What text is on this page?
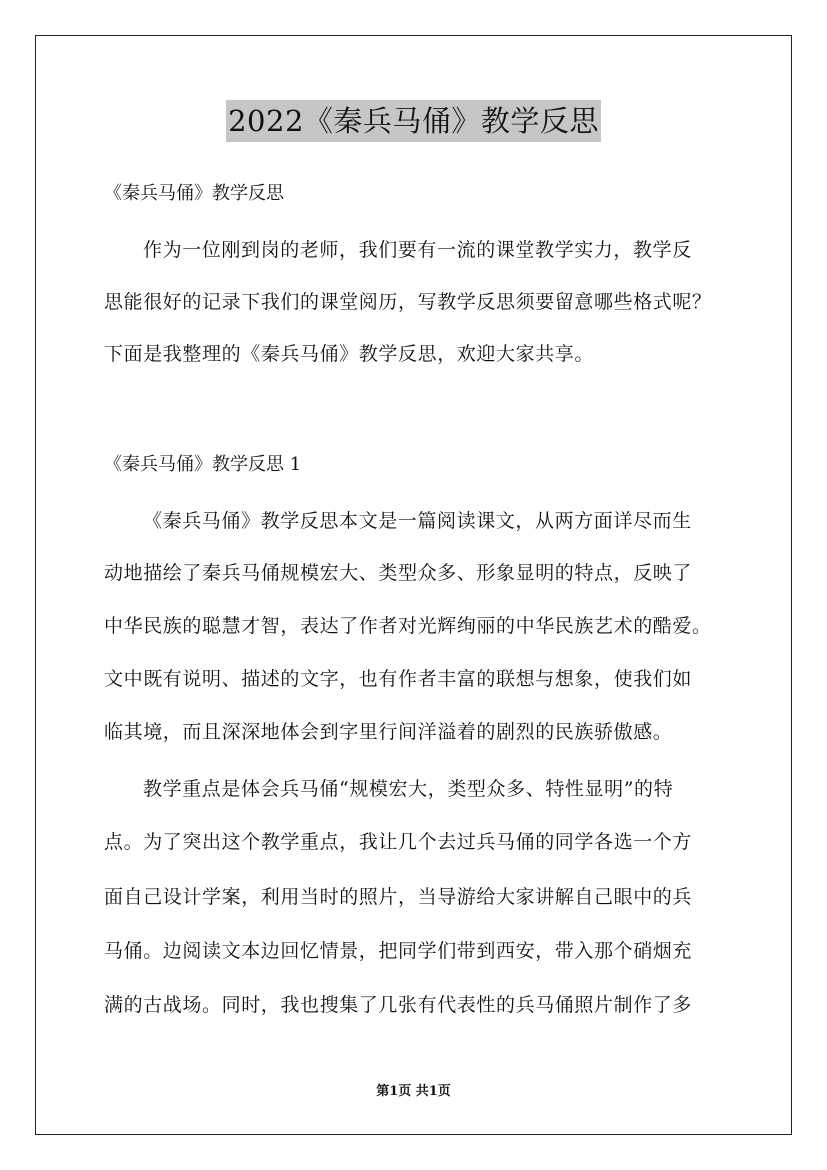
2022《秦兵马俑》教学反思
《秦兵马俑》教学反思
作为一位刚到岗的老师，我们要有一流的课堂教学实力，教学反
思能很好的记录下我们的课堂阅历，写教学反思须要留意哪些格式呢？
下面是我整理的《秦兵马俑》教学反思，欢迎大家共享。
《秦兵马俑》教学反思 1
《秦兵马俑》教学反思本文是一篇阅读课文，从两方面详尽而生
动地描绘了秦兵马俑规模宏大、类型众多、形象显明的特点，反映了
中华民族的聪慧才智，表达了作者对光辉绚丽的中华民族艺术的酷爱。
文中既有说明、描述的文字，也有作者丰富的联想与想象，使我们如
临其境，而且深深地体会到字里行间洋溢着的剧烈的民族骄傲感。
教学重点是体会兵马俑“规模宏大，类型众多、特性显明”的特
点。为了突出这个教学重点，我让几个去过兵马俑的同学各选一个方
面自己设计学案，利用当时的照片，当导游给大家讲解自己眼中的兵
马俑。边阅读文本边回忆情景，把同学们带到西安，带入那个硝烟充
满的古战场。同时，我也搜集了几张有代表性的兵马俑照片制作了多
第1页 共1页
